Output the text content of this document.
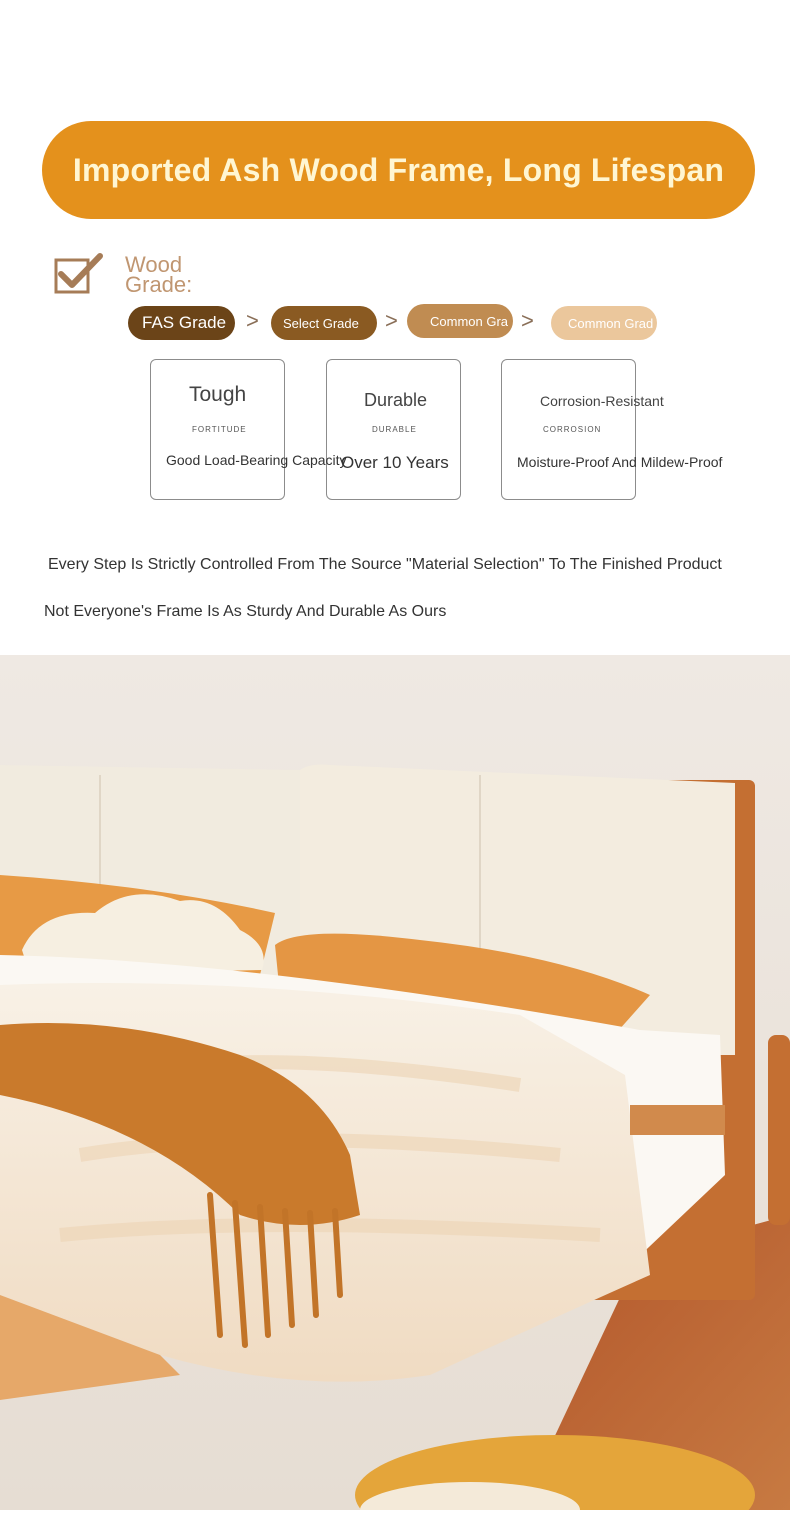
Imported Ash Wood Frame, Long Lifespan
Wood
Grade:
FAS Grade >	Select Grade >	Common Gra >	Common Grad
Tough
FORTITUDE
Good Load-Bearing Capacity
Durable
DURABLE
Over 10 Years
Corrosion-Resistant
CORROSION
Moisture-Proof And Mildew-Proof
Every Step Is Strictly Controlled From The Source "Material Selection" To The Finished Product
Not Everyone's Frame Is As Sturdy And Durable As Ours
